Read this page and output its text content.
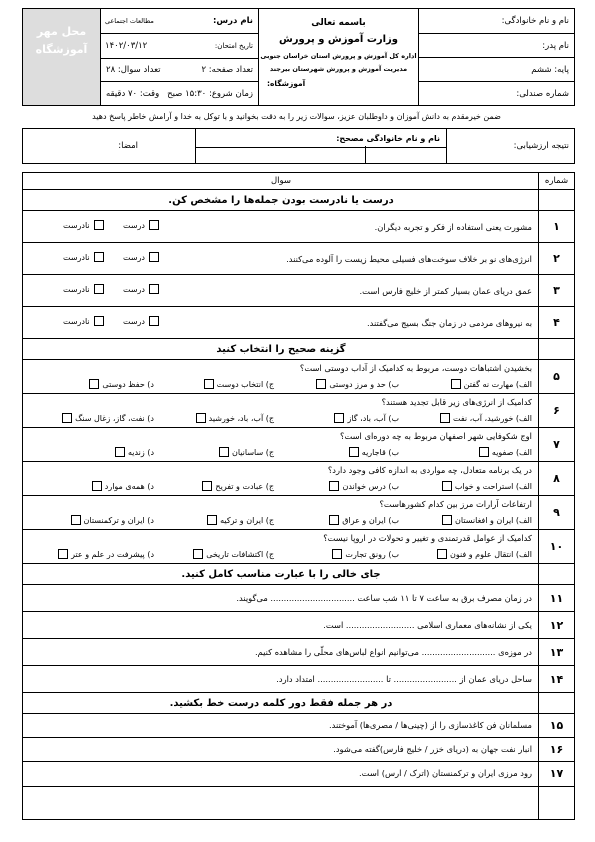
نام و نام خانوادگی:
نام پدر:
پایه: ششم
شماره صندلی:
باسمه تعالی
وزارت آموزش و پرورش
اداره کل آموزش و پرورش استان خراسان جنوبی
مدیریت آموزش و پرورش شهرستان بیرجند
آموزشگاه:
نام درس:
مطالعات اجتماعی
تاریخ امتحان:
۱۴۰۲/۰۳/۱۲
تعداد صفحه: ۲
تعداد سوال: ۲۸
زمان شروع: ۱۵:۳۰ صبح
وقت: ۷۰ دقیقه
محل مهر
آموزشگاه
ضمن خیرمقدم به دانش آموزان و داوطلبان عزیز، سوالات زیر را به دقت بخوانید و با توکل به خدا و آرامش خاطر پاسخ دهید
نتیجه ارزشیابی:
نام و نام خانوادگی مصحح:
امضا:
شماره
سوال
درست یا نادرست بودن جمله‌ها را مشخص کن.
۱
مشورت یعنی استفاده از فکر و تجربه دیگران.
درست
نادرست
۲
انرژی‌های نو بر خلاف سوخت‌های فسیلی محیط زیست را آلوده می‌کنند.
درست
نادرست
۳
عمق دریای عمان بسیار کمتر از خلیج فارس است.
درست
نادرست
۴
به نیروهای مردمی در زمان جنگ بسیج می‌گفتند.
درست
نادرست
گزینه صحیح را انتخاب کنید
۵
بخشیدن اشتباهات دوست، مربوط به کدامیک از آداب دوستی است؟
الف) مهارت نه گفتن
ب) حد و مرز دوستی
ج) انتخاب دوست
د) حفظ دوستی
۶
کدامیک از انرژی‌های زیر قابل تجدید هستند؟
الف) خورشید، آب، نفت
ب) آب، باد، گاز
ج) آب، باد، خورشید
د) نفت، گاز، زغال سنگ
۷
اوج شکوفایی شهر اصفهان مربوط به چه دوره‌ای است؟
الف) صفویه
ب) قاجاریه
ج) ساسانیان
د) زندیه
۸
در یک برنامه متعادل، چه مواردی به اندازه کافی وجود دارد؟
الف) استراحت و خواب
ب) درس خواندن
ج) عبادت و تفریح
د) همه‌ی موارد
۹
ارتفاعات آرارات مرز بین کدام کشورهاست؟
الف) ایران و افغانستان
ب) ایران و عراق
ج) ایران و ترکیه
د) ایران و ترکمنستان
۱۰
کدامیک از عوامل قدرتمندی و تغییر و تحولات در اروپا نیست؟
الف) انتقال علوم و فنون
ب) رونق تجارت
ج) اکتشافات تاریخی
د) پیشرفت در علم و عتر
جای خالی را با عبارت مناسب کامل کنید.
۱۱
در زمان مصرف برق به ساعت ۷ تا ۱۱ شب ساعت ................................ می‌گویند.
۱۲
یکی از نشانه‌های معماری اسلامی .......................... است.
۱۳
در موزه‌ی ............................ می‌توانیم انواع لباس‌های محلّی را مشاهده کنیم.
۱۴
ساحل دریای عمان از ........................ تا ......................... امتداد دارد.
در هر جمله فقط دور کلمه درست خط بکشید.
۱۵
مسلمانان فن کاغذسازی را از (چینی‌ها / مصری‌ها) آموختند.
۱۶
انبار نفت جهان به (دریای خزر / خلیج فارس)گفته می‌شود.
۱۷
رود مرزی ایران و ترکمنستان (اترک / ارس) است.
